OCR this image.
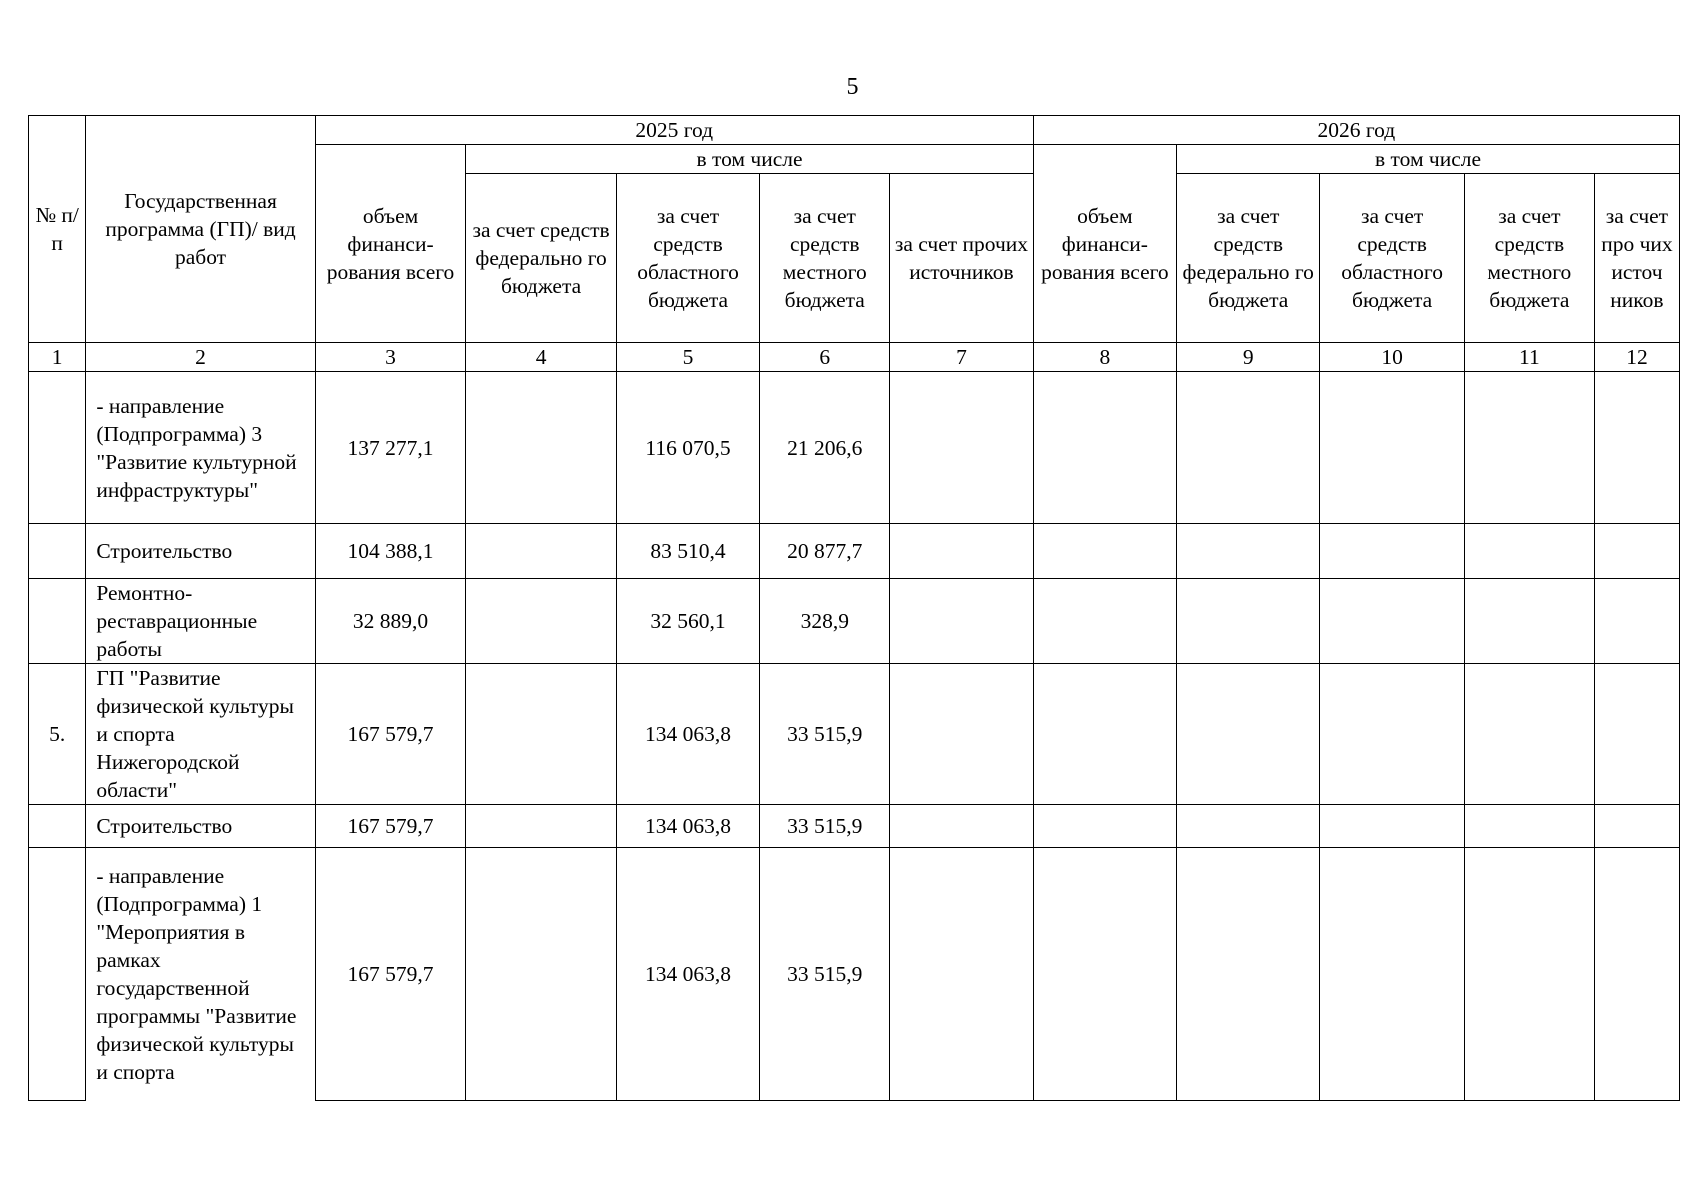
5
№ п/п	Государственная программа (ГП)/ вид работ	2025 год					2026 год				
		объем финанси-рования всего	в том числе				объем финанси-рования всего	в том числе			
			за счет средств федерально го бюджета	за счет средств областного бюджета	за счет средств местного бюджета	за счет прочих источников		за счет средств федерально го бюджета	за счет средств областного бюджета	за счет средств местного бюджета	за счет про чих источ ников
1	2	3	4	5	6	7	8	9	10	11	12
	- направление (Подпрограмма) 3 "Развитие культурной инфраструктуры"	137 277,1		116 070,5	21 206,6						
	Строительство	104 388,1		83 510,4	20 877,7						
	Ремонтно-реставрационные работы	32 889,0		32 560,1	328,9						
5.	ГП "Развитие физической культуры и спорта Нижегородской области"	167 579,7		134 063,8	33 515,9						
	Строительство	167 579,7		134 063,8	33 515,9						
	- направление (Подпрограмма) 1 "Мероприятия в рамках государственной программы "Развитие физической культуры и спорта	167 579,7		134 063,8	33 515,9						
